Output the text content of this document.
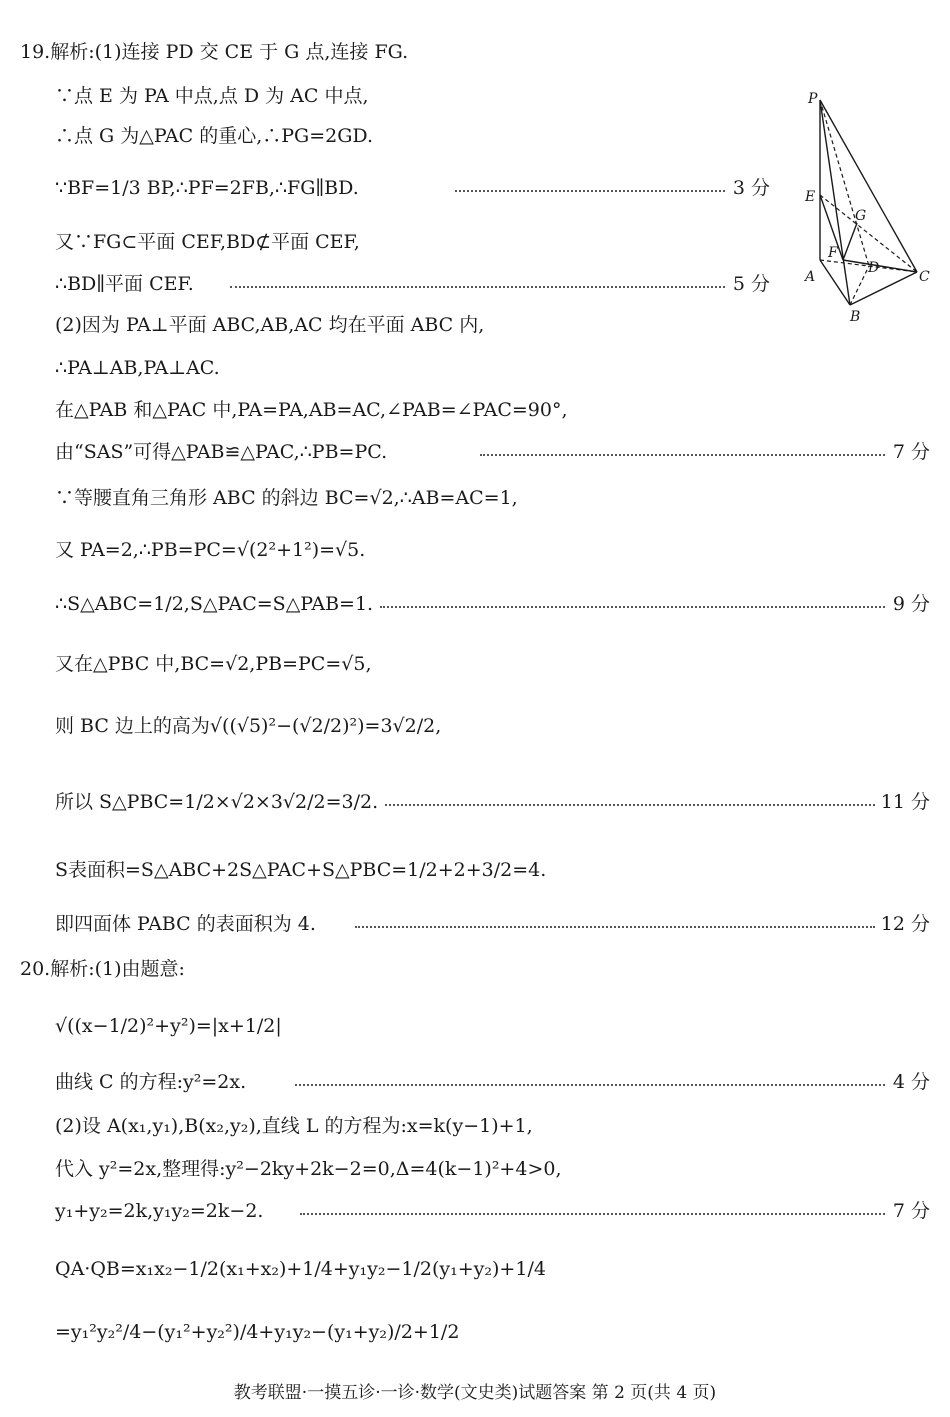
19.解析:(1)连接 PD 交 CE 于 G 点,连接 FG.
∵点 E 为 PA 中点,点 D 为 AC 中点,
∴点 G 为△PAC 的重心,∴PG=2GD.
∵BF=1/3 BP,∴PF=2FB,∴FG∥BD.	3 分
又∵FG⊂平面 CEF,BD⊄平面 CEF,
∴BD∥平面 CEF.	5 分
(2)因为 PA⊥平面 ABC,AB,AC 均在平面 ABC 内,
∴PA⊥AB,PA⊥AC.
在△PAB 和△PAC 中,PA=PA,AB=AC,∠PAB=∠PAC=90°,
由“SAS”可得△PAB≌△PAC,∴PB=PC.	7 分
∵等腰直角三角形 ABC 的斜边 BC=√2,∴AB=AC=1,
又 PA=2,∴PB=PC=√(2²+1²)=√5.
∴S△ABC=1/2,S△PAC=S△PAB=1.	9 分
又在△PBC 中,BC=√2,PB=PC=√5,
则 BC 边上的高为√((√5)²−(√2/2)²)=3√2/2,
所以 S△PBC=1/2×√2×3√2/2=3/2.	11 分
S表面积=S△ABC+2S△PAC+S△PBC=1/2+2+3/2=4.
即四面体 PABC 的表面积为 4.	12 分
20.解析:(1)由题意:
√((x−1/2)²+y²)=|x+1/2|
曲线 C 的方程:y²=2x.	4 分
(2)设 A(x₁,y₁),B(x₂,y₂),直线 L 的方程为:x=k(y−1)+1,
代入 y²=2x,整理得:y²−2ky+2k−2=0,Δ=4(k−1)²+4>0,
y₁+y₂=2k,y₁y₂=2k−2.	7 分
QA·QB=x₁x₂−1/2(x₁+x₂)+1/4+y₁y₂−1/2(y₁+y₂)+1/4
=y₁²y₂²/4−(y₁²+y₂²)/4+y₁y₂−(y₁+y₂)/2+1/2
P
E
G
F
D
A	C
B
教考联盟·一摸五诊·一诊·数学(文史类)试题答案 第 2 页(共 4 页)
